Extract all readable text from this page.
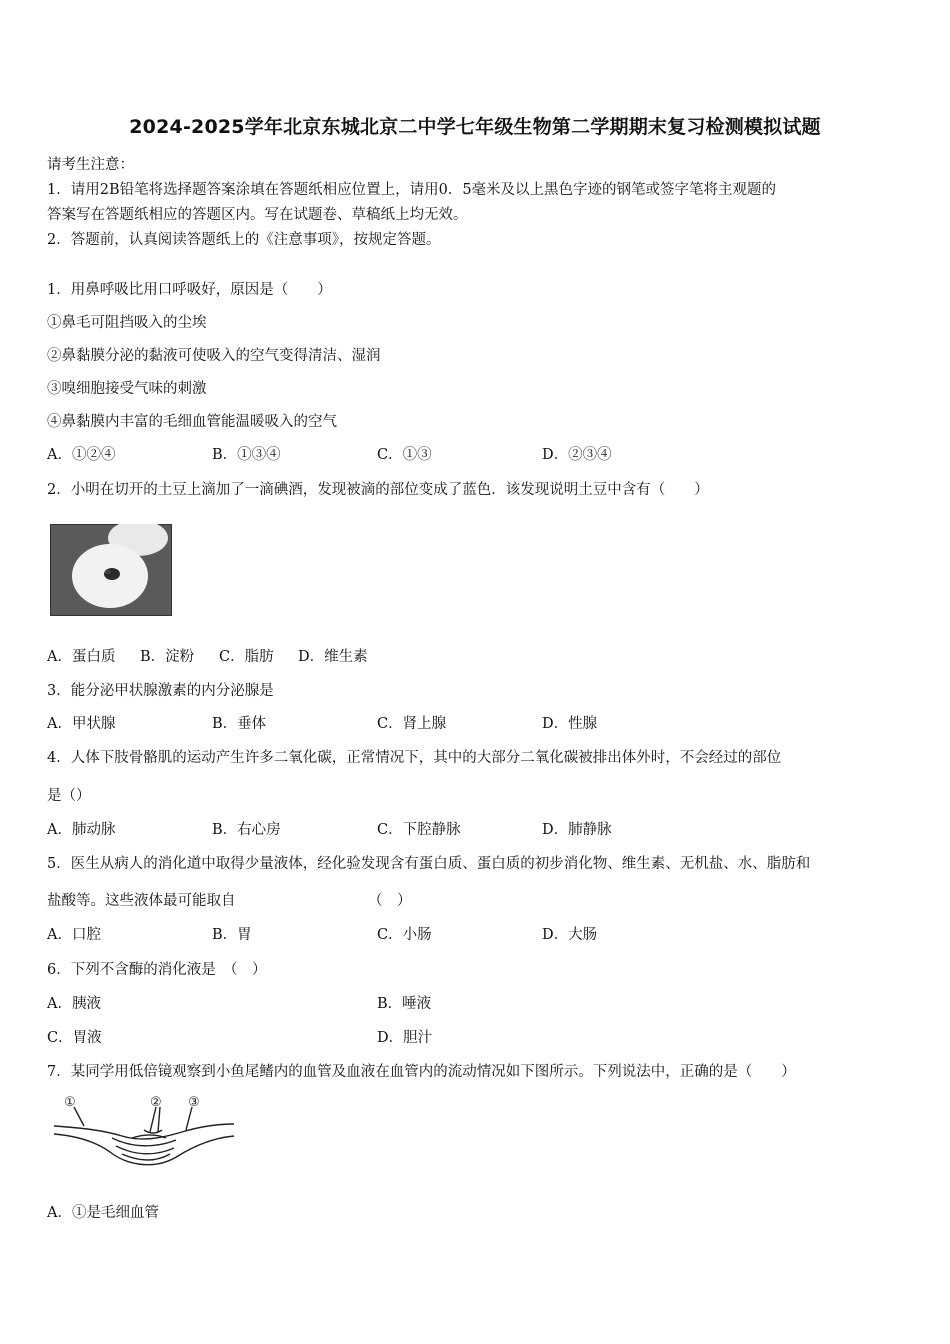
2024-2025学年北京东城北京二中学七年级生物第二学期期末复习检测模拟试题
请考生注意：
1．请用2B铅笔将选择题答案涂填在答题纸相应位置上，请用0．5毫米及以上黑色字迹的钢笔或签字笔将主观题的
答案写在答题纸相应的答题区内。写在试题卷、草稿纸上均无效。
2．答题前，认真阅读答题纸上的《注意事项》，按规定答题。
1．用鼻呼吸比用口呼吸好，原因是（　　）
①鼻毛可阻挡吸入的尘埃
②鼻黏膜分泌的黏液可使吸入的空气变得清洁、湿润
③嗅细胞接受气味的刺激
④鼻黏膜内丰富的毛细血管能温暖吸入的空气
A．①②④	B．①③④	C．①③	D．②③④
2．小明在切开的土豆上滴加了一滴碘酒，发现被滴的部位变成了蓝色．该发现说明土豆中含有（　　）
A．蛋白质 B．淀粉 C．脂肪 D．维生素
3．能分泌甲状腺激素的内分泌腺是
A．甲状腺	B．垂体	C．肾上腺	D．性腺
4．人体下肢骨骼肌的运动产生许多二氧化碳，正常情况下，其中的大部分二氧化碳被排出体外时，不会经过的部位
是（）
A．肺动脉	B．右心房	C．下腔静脉	D．肺静脉
5．医生从病人的消化道中取得少量液体，经化验发现含有蛋白质、蛋白质的初步消化物、维生素、无机盐、水、脂肪和
盐酸等。这些液体最可能取自	（　）
A．口腔	B．胃	C．小肠	D．大肠
6．下列不含酶的消化液是　（　）
A．胰液	B．唾液
C．胃液	D．胆汁
7．某同学用低倍镜观察到小鱼尾鳍内的血管及血液在血管内的流动情况如下图所示。下列说法中，正确的是（　　）
①	② ③
A．①是毛细血管
